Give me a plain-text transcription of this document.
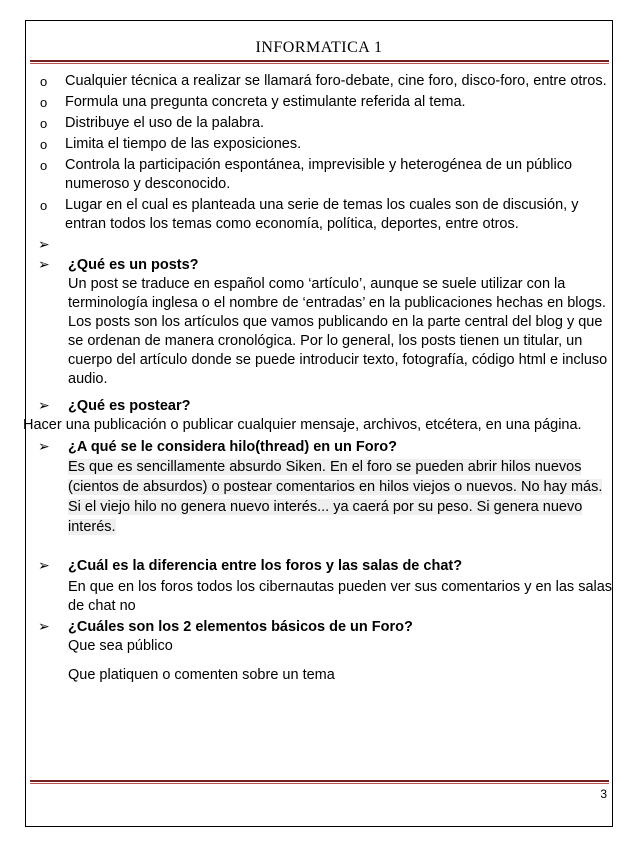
INFORMATICA 1
o Cualquier técnica a realizar se llamará foro-debate, cine foro, disco-foro, entre otros.
o Formula una pregunta concreta y estimulante referida al tema.
o Distribuye el uso de la palabra.
o Limita el tiempo de las exposiciones.
o Controla la participación espontánea, imprevisible y heterogénea de un público numeroso y desconocido.
o Lugar en el cual es planteada una serie de temas los cuales son de discusión, y entran todos los temas como economía, política, deportes, entre otros.
➢

➢ ¿Qué es un posts?
Un post se traduce en español como ‘artículo’, aunque se suele utilizar con la terminología inglesa o el nombre de ‘entradas’ en la publicaciones hechas en blogs. Los posts son los artículos que vamos publicando en la parte central del blog y que se ordenan de manera cronológica. Por lo general, los posts tienen un titular, un cuerpo del artículo donde se puede introducir texto, fotografía, código html e incluso audio.
➢ ¿Qué es postear?
Hacer una publicación o publicar cualquier mensaje, archivos, etcétera, en una página.
➢ ¿A qué se le considera hilo(thread) en un Foro?
Es que es sencillamente absurdo Siken. En el foro se pueden abrir hilos nuevos (cientos de absurdos) o postear comentarios en hilos viejos o nuevos. No hay más. Si el viejo hilo no genera nuevo interés... ya caerá por su peso. Si genera nuevo interés.
➢ ¿Cuál es la diferencia entre los foros y las salas de chat?
En que en los foros todos los cibernautas pueden ver sus comentarios y en las salas de chat no
➢ ¿Cuáles son los 2 elementos básicos de un Foro?
Que sea público
Que platiquen o comenten sobre un tema
3
